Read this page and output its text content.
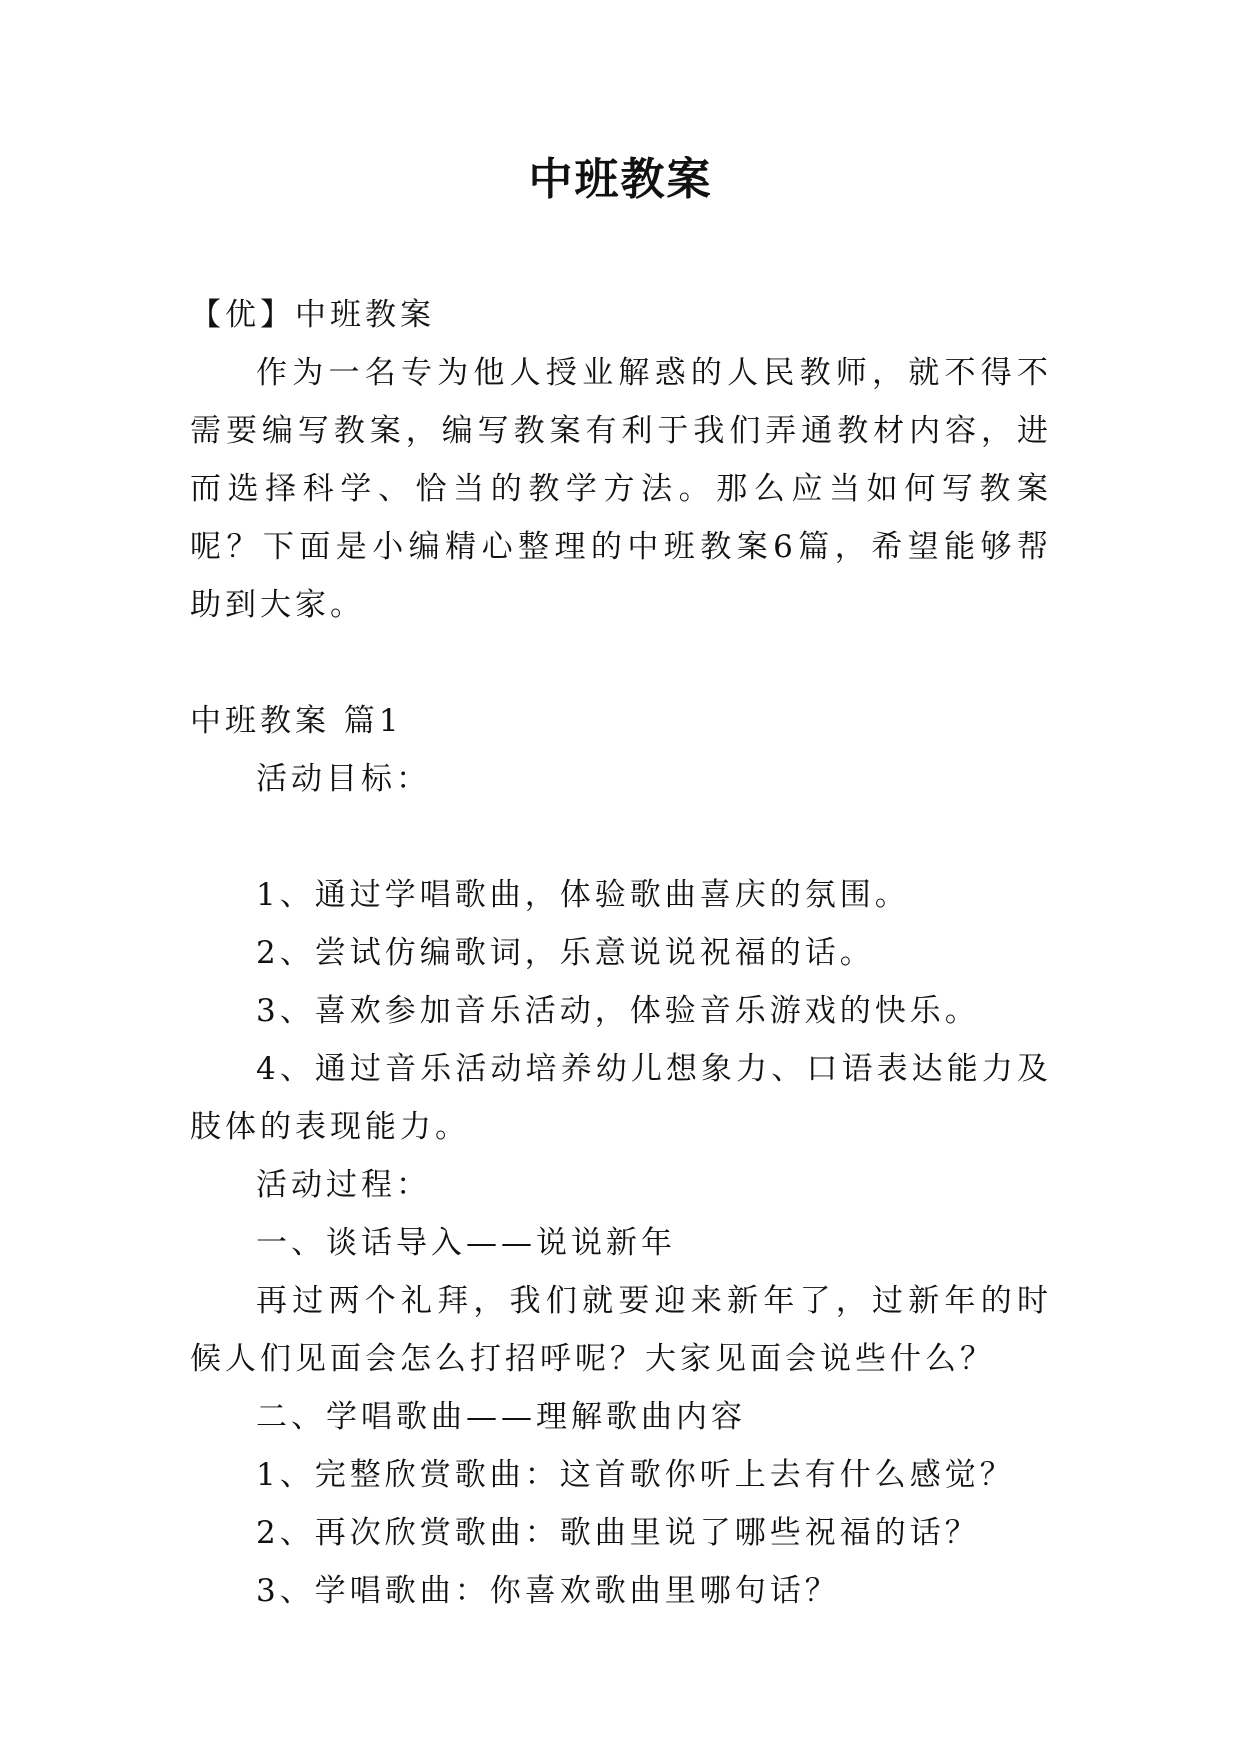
中班教案

【优】中班教案

作为一名专为他人授业解惑的人民教师，就不得不需要编写教案，编写教案有利于我们弄通教材内容，进而选择科学、恰当的教学方法。那么应当如何写教案呢？下面是小编精心整理的中班教案6篇，希望能够帮助到大家。

中班教案 篇1

活动目标：

1、通过学唱歌曲，体验歌曲喜庆的氛围。

2、尝试仿编歌词，乐意说说祝福的话。

3、喜欢参加音乐活动，体验音乐游戏的快乐。

4、通过音乐活动培养幼儿想象力、口语表达能力及肢体的表现能力。

活动过程：

一、谈话导入——说说新年

再过两个礼拜，我们就要迎来新年了，过新年的时候人们见面会怎么打招呼呢？大家见面会说些什么？

二、学唱歌曲——理解歌曲内容

1、完整欣赏歌曲：这首歌你听上去有什么感觉？

2、再次欣赏歌曲：歌曲里说了哪些祝福的话？

3、学唱歌曲：你喜欢歌曲里哪句话？
